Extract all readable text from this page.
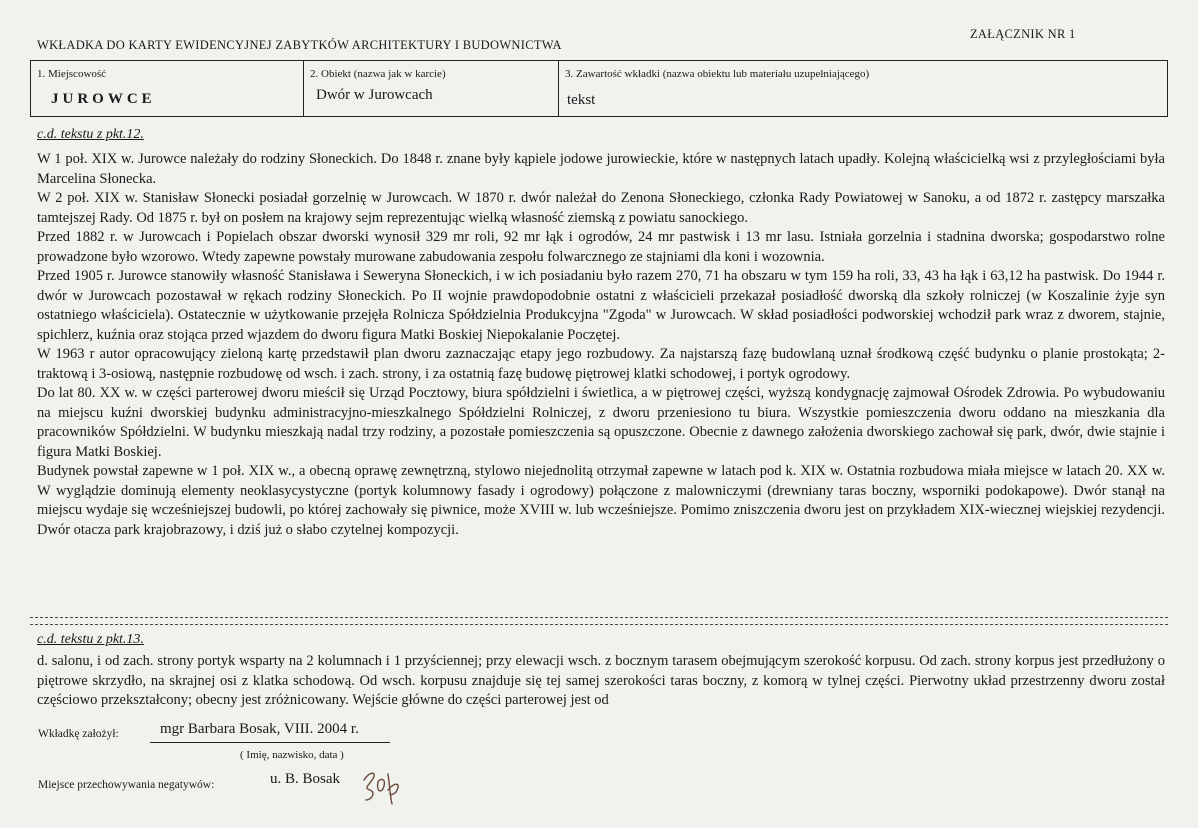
WKŁADKA DO KARTY EWIDENCYJNEJ ZABYTKÓW ARCHITEKTURY I BUDOWNICTWA
ZAŁĄCZNIK NR 1
1. Miejscowość
JUROWCE
2. Obiekt (nazwa jak w karcie)
Dwór w Jurowcach
3. Zawartość wkładki (nazwa obiektu lub materiału uzupełniającego)
tekst
c.d. tekstu z pkt.12.

W 1 poł. XIX w. Jurowce należały do rodziny Słoneckich. Do 1848 r. znane były kąpiele jodowe jurowieckie, które w następnych latach upadły. Kolejną właścicielką wsi z przyległościami była Marcelina Słonecka.

W 2 poł. XIX w. Stanisław Słonecki posiadał gorzelnię w Jurowcach. W 1870 r. dwór należał do Zenona Słoneckiego, członka Rady Powiatowej w Sanoku, a od 1872 r. zastępcy marszałka tamtejszej Rady. Od 1875 r. był on posłem na krajowy sejm reprezentując wielką własność ziemską z powiatu sanockiego.

Przed 1882 r. w Jurowcach i Popielach obszar dworski wynosił 329 mr roli, 92 mr łąk i ogrodów, 24 mr pastwisk i 13 mr lasu. Istniała gorzelnia i stadnina dworska; gospodarstwo rolne prowadzone było wzorowo. Wtedy zapewne powstały murowane zabudowania zespołu folwarcznego ze stajniami dla koni i wozownia.

Przed 1905 r. Jurowce stanowiły własność Stanisława i Seweryna Słoneckich, i w ich posiadaniu było razem 270, 71 ha obszaru w tym 159 ha roli, 33, 43 ha łąk i 63,12 ha pastwisk. Do 1944 r. dwór w Jurowcach pozostawał w rękach rodziny Słoneckich. Po II wojnie prawdopodobnie ostatni z właścicieli przekazał posiadłość dworską dla szkoły rolniczej (w Koszalinie żyje syn ostatniego właściciela). Ostatecznie w użytkowanie przejęła Rolnicza Spółdzielnia Produkcyjna "Zgoda" w Jurowcach. W skład posiadłości podworskiej wchodził park wraz z dworem, stajnie, spichlerz, kuźnia oraz stojąca przed wjazdem do dworu figura Matki Boskiej Niepokalanie Poczętej.

W 1963 r autor opracowujący zieloną kartę przedstawił plan dworu zaznaczając etapy jego rozbudowy. Za najstarszą fazę budowlaną uznał środkową część budynku o planie prostokąta; 2-traktową i 3-osiową, następnie rozbudowę od wsch. i zach. strony, i za ostatnią fazę budowę piętrowej klatki schodowej, i portyk ogrodowy.

Do lat 80. XX w. w części parterowej dworu mieścił się Urząd Pocztowy, biura spółdzielni i świetlica, a w piętrowej części, wyższą kondygnację zajmował Ośrodek Zdrowia. Po wybudowaniu na miejscu kuźni dworskiej budynku administracyjno-mieszkalnego Spółdzielni Rolniczej, z dworu przeniesiono tu biura. Wszystkie pomieszczenia dworu oddano na mieszkania dla pracowników Spółdzielni. W budynku mieszkają nadal trzy rodziny, a pozostałe pomieszczenia są opuszczone. Obecnie z dawnego założenia dworskiego zachował się park, dwór, dwie stajnie i figura Matki Boskiej.

Budynek powstał zapewne w 1 poł. XIX w., a obecną oprawę zewnętrzną, stylowo niejednolitą otrzymał zapewne w latach pod k. XIX w. Ostatnia rozbudowa miała miejsce w latach 20. XX w. W wyglądzie dominują elementy neoklasycystyczne (portyk kolumnowy fasady i ogrodowy) połączone z malowniczymi (drewniany taras boczny, wsporniki podokapowe). Dwór stanął na miejscu wydaje się wcześniejszej budowli, po której zachowały się piwnice, może XVIII w. lub wcześniejsze. Pomimo zniszczenia dworu jest on przykładem XIX-wiecznej wiejskiej rezydencji. Dwór otacza park krajobrazowy, i dziś już o słabo czytelnej kompozycji.

c.d. tekstu z pkt.13.

d. salonu, i od zach. strony portyk wsparty na 2 kolumnach i 1 przyściennej; przy elewacji wsch. z bocznym tarasem obejmującym szerokość korpusu. Od zach. strony korpus jest przedłużony o piętrowe skrzydło, na skrajnej osi z klatka schodową. Od wsch. korpusu znajduje się tej samej szerokości taras boczny, z komorą w tylnej części. Pierwotny układ przestrzenny dworu został częściowo przekształcony; obecny jest zróżnicowany. Wejście główne do części parterowej jest od

Wkładkę założył:	mgr Barbara Bosak, VIII. 2004 r.
( Imię, nazwisko, data )
Miejsce przechowywania negatywów:	u. B. Bosak
